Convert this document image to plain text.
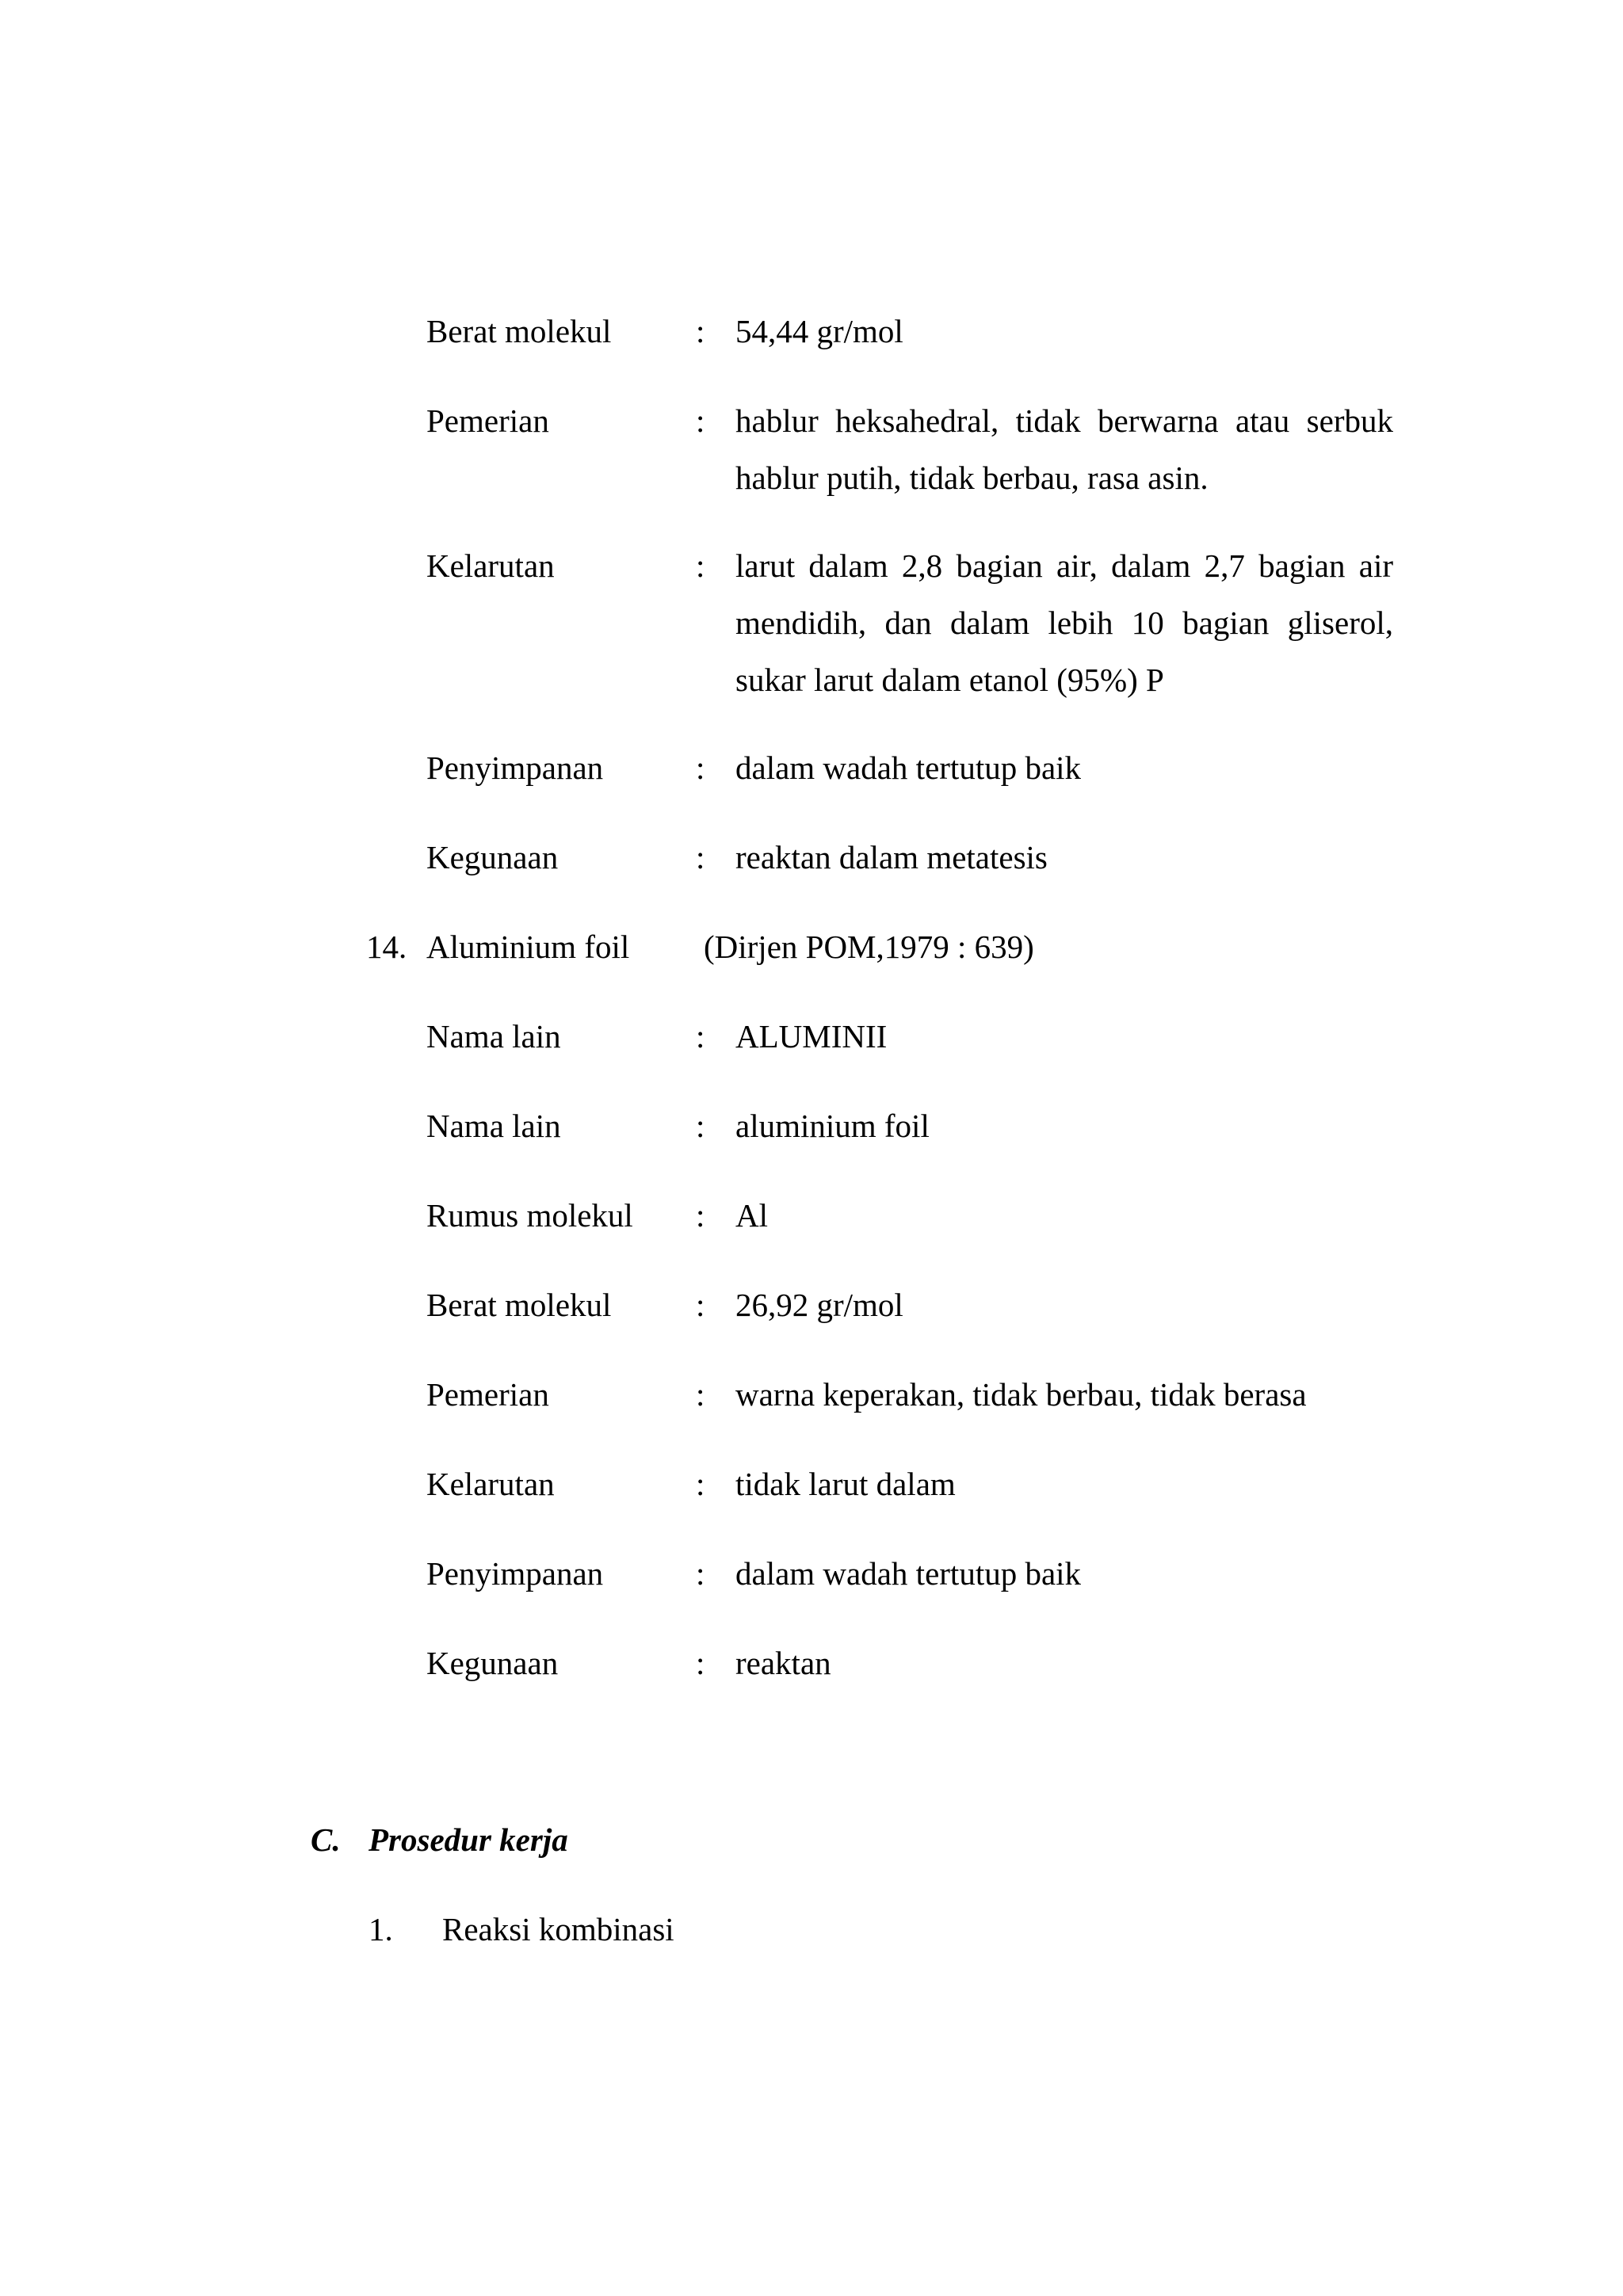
Berat molekul	: 54,44 gr/mol
Pemerian	: hablur heksahedral, tidak berwarna atau serbuk hablur putih, tidak berbau, rasa asin.
Kelarutan	: larut dalam 2,8 bagian air, dalam 2,7 bagian air mendidih, dan dalam lebih 10 bagian gliserol, sukar larut dalam etanol (95%) P
Penyimpanan	: dalam wadah tertutup baik
Kegunaan	: reaktan dalam metatesis
14. Aluminium foil (Dirjen POM,1979 : 639)
Nama lain	: ALUMINII
Nama lain	: aluminium foil
Rumus molekul : Al
Berat molekul	: 26,92 gr/mol
Pemerian	: warna keperakan, tidak berbau, tidak berasa
Kelarutan	: tidak larut dalam
Penyimpanan	: dalam wadah tertutup baik
Kegunaan	: reaktan
C. Prosedur kerja
1. Reaksi kombinasi
